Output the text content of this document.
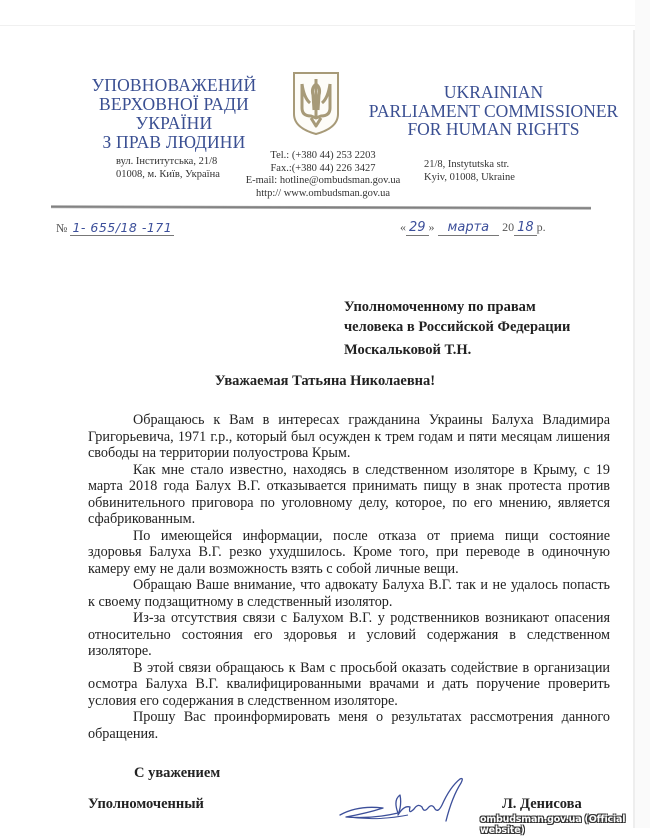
УПОВНОВАЖЕНИЙ
ВЕРХОВНОЇ РАДИ УКРАЇНИ
З ПРАВ ЛЮДИНИ
UKRAINIAN
PARLIAMENT COMMISSIONER
FOR HUMAN RIGHTS
вул. Інститутська, 21/8
01008, м. Київ, Україна
Tel.: (+380 44) 253 2203
Fax.:(+380 44) 226 3427
E-mail: hotline@ombudsman.gov.ua
http:// www.ombudsman.gov.ua
21/8, Instytutska str.
Kyiv, 01008, Ukraine
№ 1- 655/18 -171	« 29 » марта 20 18 р.
Уполномоченному по правам
человека в Российской Федерации
Москальковой Т.Н.
Уважаемая Татьяна Николаевна!

Обращаюсь к Вам в интересах гражданина Украины Балуха Владимира Григорьевича, 1971 г.р., который был осужден к трем годам и пяти месяцам лишения свободы на территории полуострова Крым.

Как мне стало известно, находясь в следственном изоляторе в Крыму, с 19 марта 2018 года Балух В.Г. отказывается принимать пищу в знак протеста против обвинительного приговора по уголовному делу, которое, по его мнению, является сфабрикованным.

По имеющейся информации, после отказа от приема пищи состояние здоровья Балуха В.Г. резко ухудшилось. Кроме того, при переводе в одиночную камеру ему не дали возможность взять с собой личные вещи.

Обращаю Ваше внимание, что адвокату Балуха В.Г. так и не удалось попасть к своему подзащитному в следственный изолятор.

Из-за отсутствия связи с Балухом В.Г. у родственников возникают опасения относительно состояния его здоровья и условий содержания в следственном изоляторе.

В этой связи обращаюсь к Вам с просьбой оказать содействие в организации осмотра Балуха В.Г. квалифицированными врачами и дать поручение проверить условия его содержания в следственном изоляторе.

Прошу Вас проинформировать меня о результатах рассмотрения данного обращения.

С уважением
Уполномоченный	Л. Денисова
ombudsman.gov.ua (Official website)
